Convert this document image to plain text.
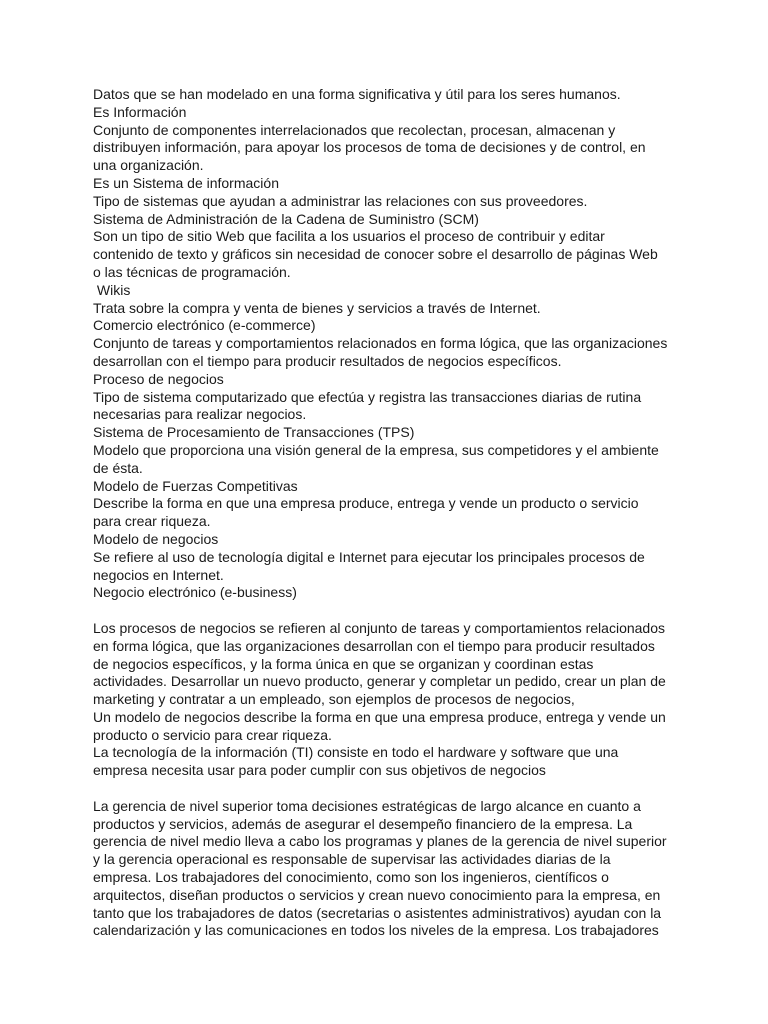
Datos que se han modelado en una forma significativa y útil para los seres humanos.
Es Información
Conjunto de componentes interrelacionados que recolectan, procesan, almacenan y
distribuyen información, para apoyar los procesos de toma de decisiones y de control, en
una organización.
Es un Sistema de información
Tipo de sistemas que ayudan a administrar las relaciones con sus proveedores.
Sistema de Administración de la Cadena de Suministro (SCM)
Son un tipo de sitio Web que facilita a los usuarios el proceso de contribuir y editar
contenido de texto y gráficos sin necesidad de conocer sobre el desarrollo de páginas Web
o las técnicas de programación.
Wikis
Trata sobre la compra y venta de bienes y servicios a través de Internet.
Comercio electrónico (e-commerce)
Conjunto de tareas y comportamientos relacionados en forma lógica, que las organizaciones
desarrollan con el tiempo para producir resultados de negocios específicos.
Proceso de negocios
Tipo de sistema computarizado que efectúa y registra las transacciones diarias de rutina
necesarias para realizar negocios.
Sistema de Procesamiento de Transacciones (TPS)
Modelo que proporciona una visión general de la empresa, sus competidores y el ambiente
de ésta.
Modelo de Fuerzas Competitivas
Describe la forma en que una empresa produce, entrega y vende un producto o servicio
para crear riqueza.
Modelo de negocios
Se refiere al uso de tecnología digital e Internet para ejecutar los principales procesos de
negocios en Internet.
Negocio electrónico (e-business)
Los procesos de negocios se refieren al conjunto de tareas y comportamientos relacionados
en forma lógica, que las organizaciones desarrollan con el tiempo para producir resultados
de negocios específicos, y la forma única en que se organizan y coordinan estas
actividades. Desarrollar un nuevo producto, generar y completar un pedido, crear un plan de
marketing y contratar a un empleado, son ejemplos de procesos de negocios,
Un modelo de negocios describe la forma en que una empresa produce, entrega y vende un
producto o servicio para crear riqueza.
La tecnología de la información (TI) consiste en todo el hardware y software que una
empresa necesita usar para poder cumplir con sus objetivos de negocios
La gerencia de nivel superior toma decisiones estratégicas de largo alcance en cuanto a
productos y servicios, además de asegurar el desempeño financiero de la empresa. La
gerencia de nivel medio lleva a cabo los programas y planes de la gerencia de nivel superior
y la gerencia operacional es responsable de supervisar las actividades diarias de la
empresa. Los trabajadores del conocimiento, como son los ingenieros, científicos o
arquitectos, diseñan productos o servicios y crean nuevo conocimiento para la empresa, en
tanto que los trabajadores de datos (secretarias o asistentes administrativos) ayudan con la
calendarización y las comunicaciones en todos los niveles de la empresa. Los trabajadores
